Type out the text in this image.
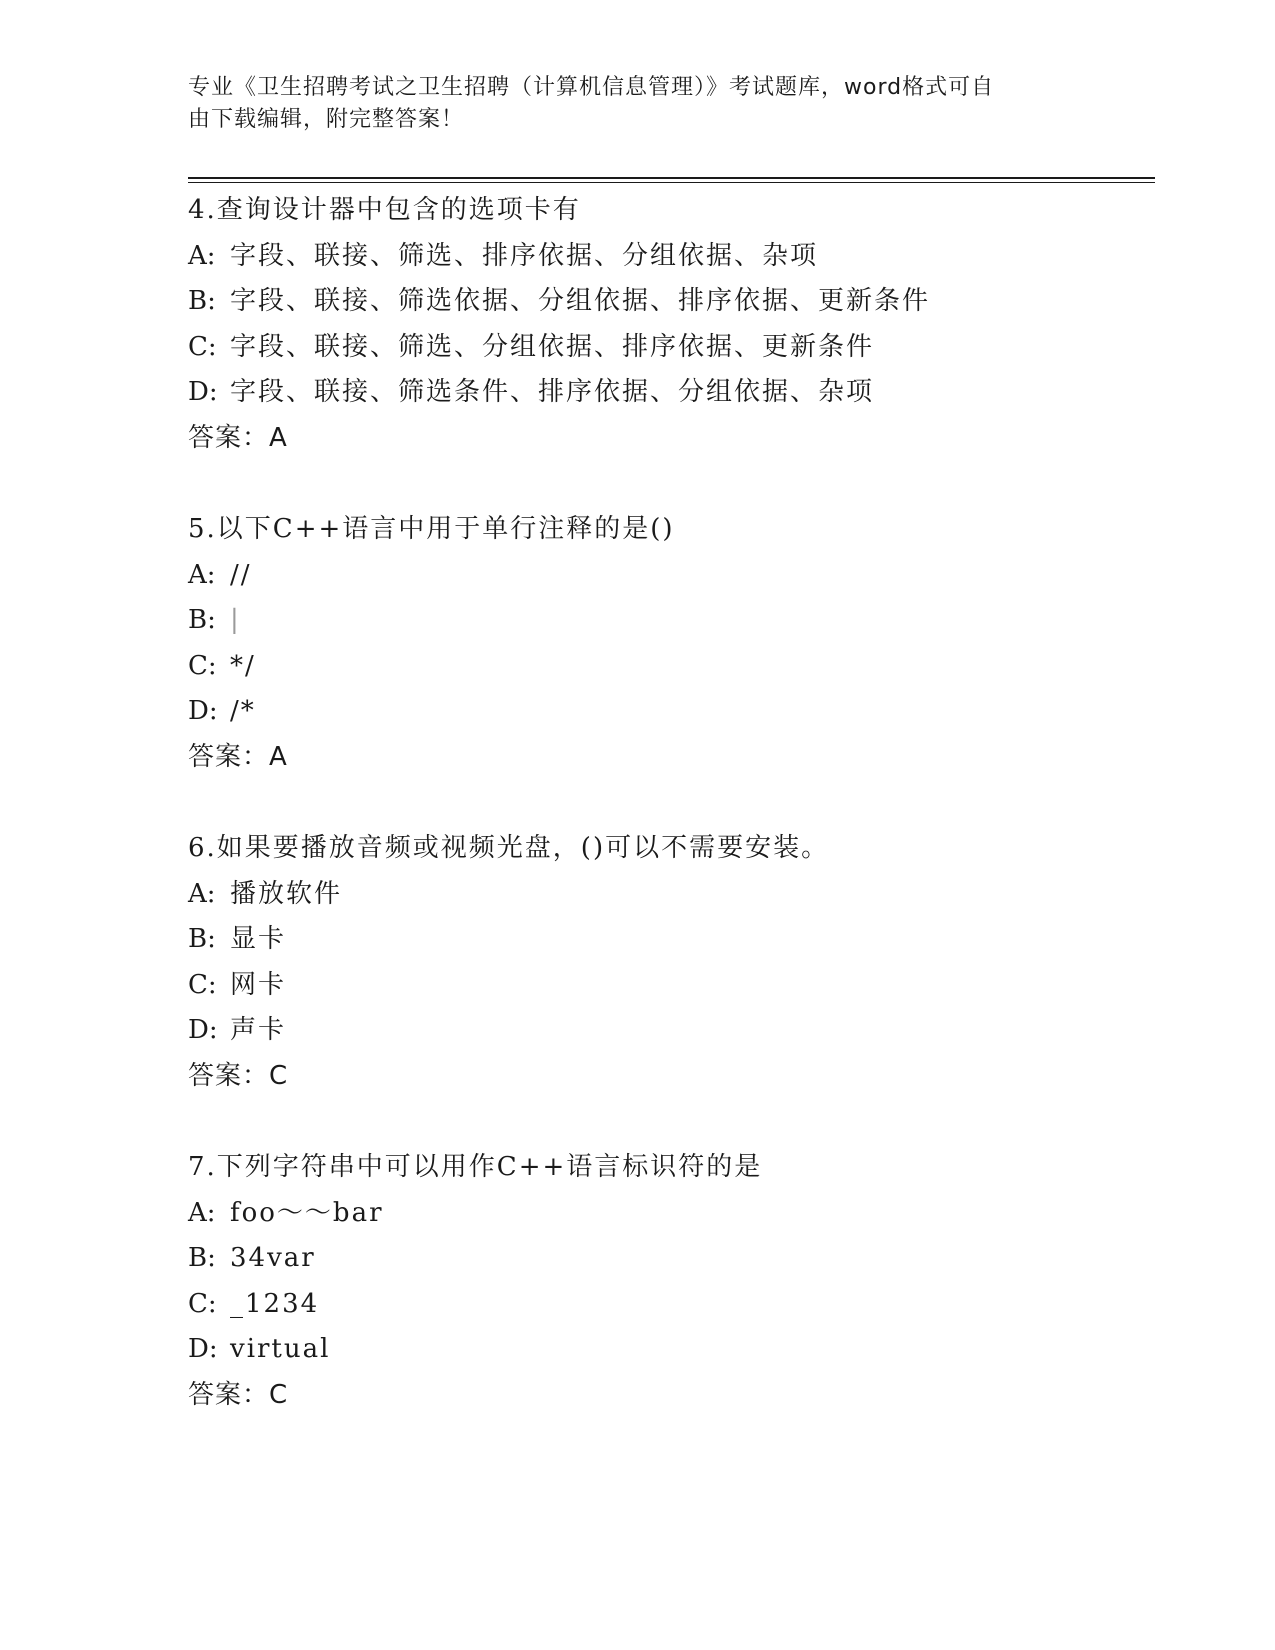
专业《卫生招聘考试之卫生招聘（计算机信息管理）》考试题库，word格式可自
由下载编辑，附完整答案！
4.查询设计器中包含的选项卡有
A: 字段、联接、筛选、排序依据、分组依据、杂项
B: 字段、联接、筛选依据、分组依据、排序依据、更新条件
C: 字段、联接、筛选、分组依据、排序依据、更新条件
D: 字段、联接、筛选条件、排序依据、分组依据、杂项
答案：A
5.以下C++语言中用于单行注释的是()
A: //
B: |
C: */
D: /*
答案：A
6.如果要播放音频或视频光盘，()可以不需要安装。
A: 播放软件
B: 显卡
C: 网卡
D: 声卡
答案：C
7.下列字符串中可以用作C++语言标识符的是
A: foo～～bar
B: 34var
C: _1234
D: virtual
答案：C
